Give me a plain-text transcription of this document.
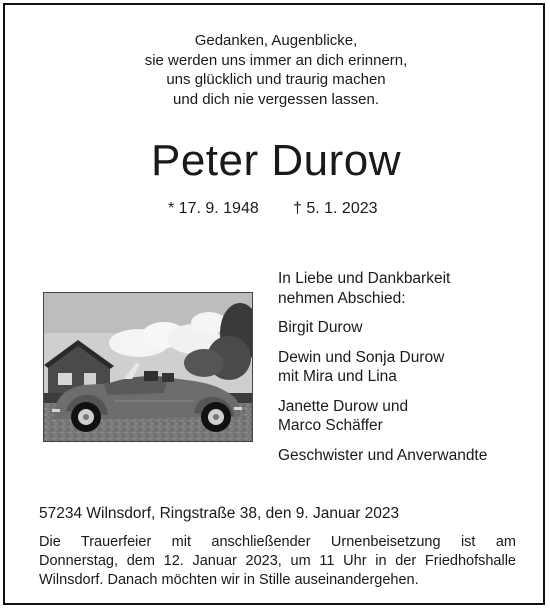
Gedanken, Augenblicke,
sie werden uns immer an dich erinnern,
uns glücklich und traurig machen
und dich nie vergessen lassen.
Peter Durow
* 17. 9. 1948 † 5. 1. 2023
In Liebe und Dankbarkeit
nehmen Abschied:
Birgit Durow
Dewin und Sonja Durow
mit Mira und Lina
Janette Durow und
Marco Schäffer
Geschwister und Anverwandte
57234 Wilnsdorf, Ringstraße 38, den 9. Januar 2023
Die Trauerfeier mit anschließender Urnenbeisetzung ist am
Donnerstag, dem 12. Januar 2023, um 11 Uhr in der Friedhofshalle
Wilnsdorf. Danach möchten wir in Stille auseinandergehen.
